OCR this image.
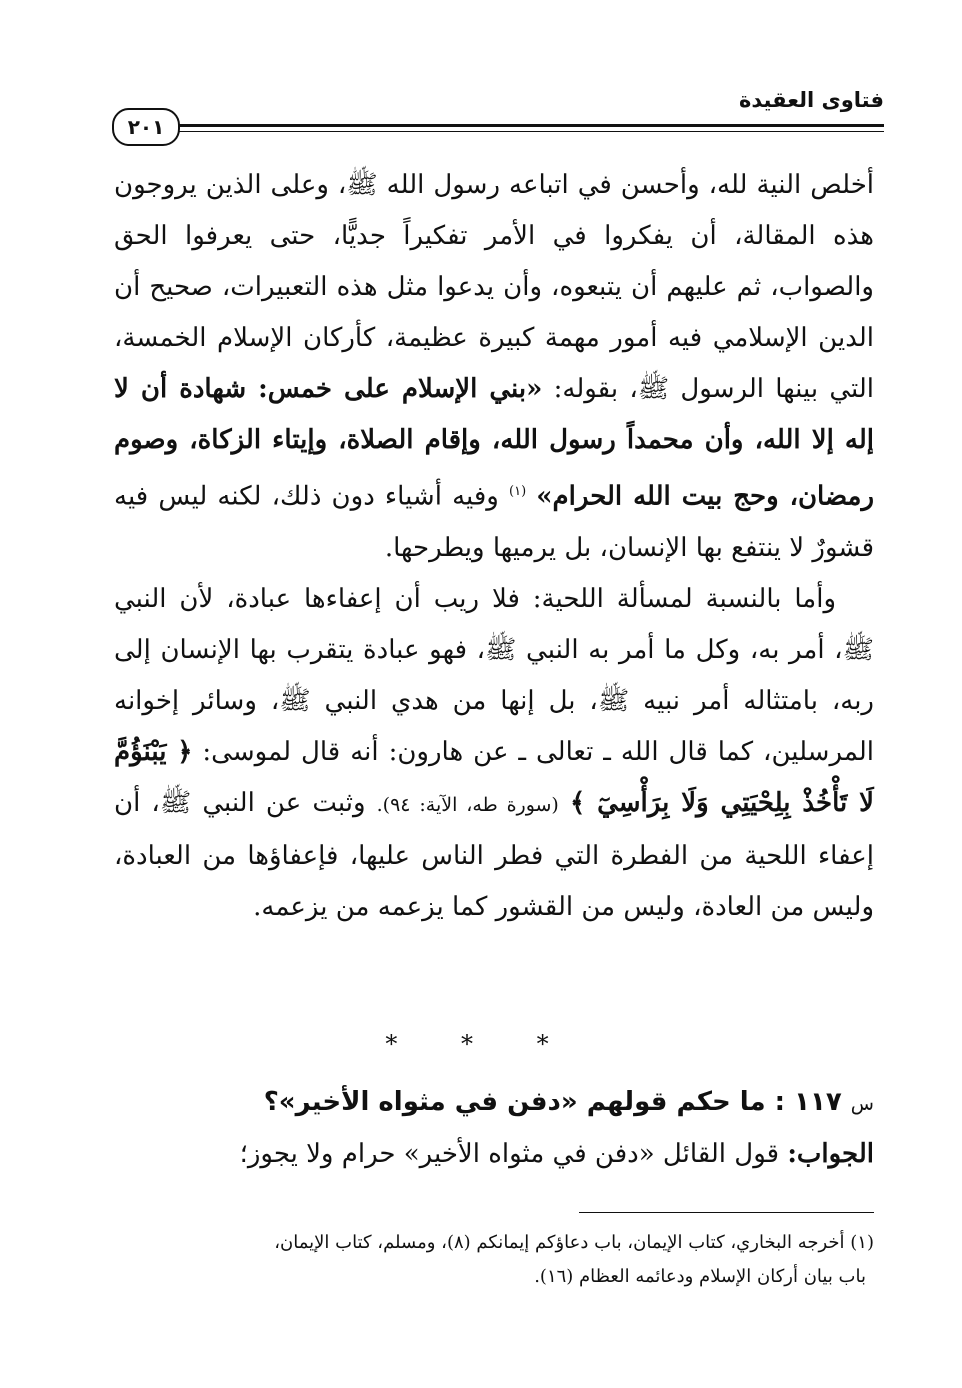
فتاوى العقيدة
٢٠١

أخلص النية لله، وأحسن في اتباعه رسول الله ﷺ، وعلى الذين يروجون هذه المقالة، أن يفكروا في الأمر تفكيراً جديًّا، حتى يعرفوا الحق والصواب، ثم عليهم أن يتبعوه، وأن يدعوا مثل هذه التعبيرات، صحيح أن الدين الإسلامي فيه أمور مهمة كبيرة عظيمة، كأركان الإسلام الخمسة، التي بينها الرسول ﷺ، بقوله: «بني الإسلام على خمس: شهادة أن لا إله إلا الله، وأن محمداً رسول الله، وإقام الصلاة، وإيتاء الزكاة، وصوم رمضان، وحج بيت الله الحرام» $^{(١)}$ وفيه أشياء دون ذلك، لكنه ليس فيه قشورٌ لا ينتفع بها الإنسان، بل يرميها ويطرحها.

وأما بالنسبة لمسألة اللحية: فلا ريب أن إعفاءها عبادة، لأن النبي ﷺ، أمر به، وكل ما أمر به النبي ﷺ، فهو عبادة يتقرب بها الإنسان إلى ربه، بامتثاله أمر نبيه ﷺ، بل إنها من هدي النبي ﷺ، وسائر إخوانه المرسلين، كما قال الله ـ تعالى ـ عن هارون: أنه قال لموسى: ﴿ يَبْنَؤُمَّ لَا تَأْخُذْ بِلِحْيَتِي وَلَا بِرَأْسِيٓ ﴾ (سورة طه، الآية: ٩٤). وثبت عن النبي ﷺ، أن إعفاء اللحية من الفطرة التي فطر الناس عليها، فإعفاؤها من العبادة، وليس من العادة، وليس من القشور كما يزعمه من يزعمه.

* * *
س ١١٧ : ما حكم قولهم «دفن في مثواه الأخير»؟
الجواب: قول القائل «دفن في مثواه الأخير» حرام ولا يجوز؛

(١) أخرجه البخاري، كتاب الإيمان، باب دعاؤكم إيمانكم (٨)، ومسلم، كتاب الإيمان،

باب بيان أركان الإسلام ودعائمه العظام (١٦).
